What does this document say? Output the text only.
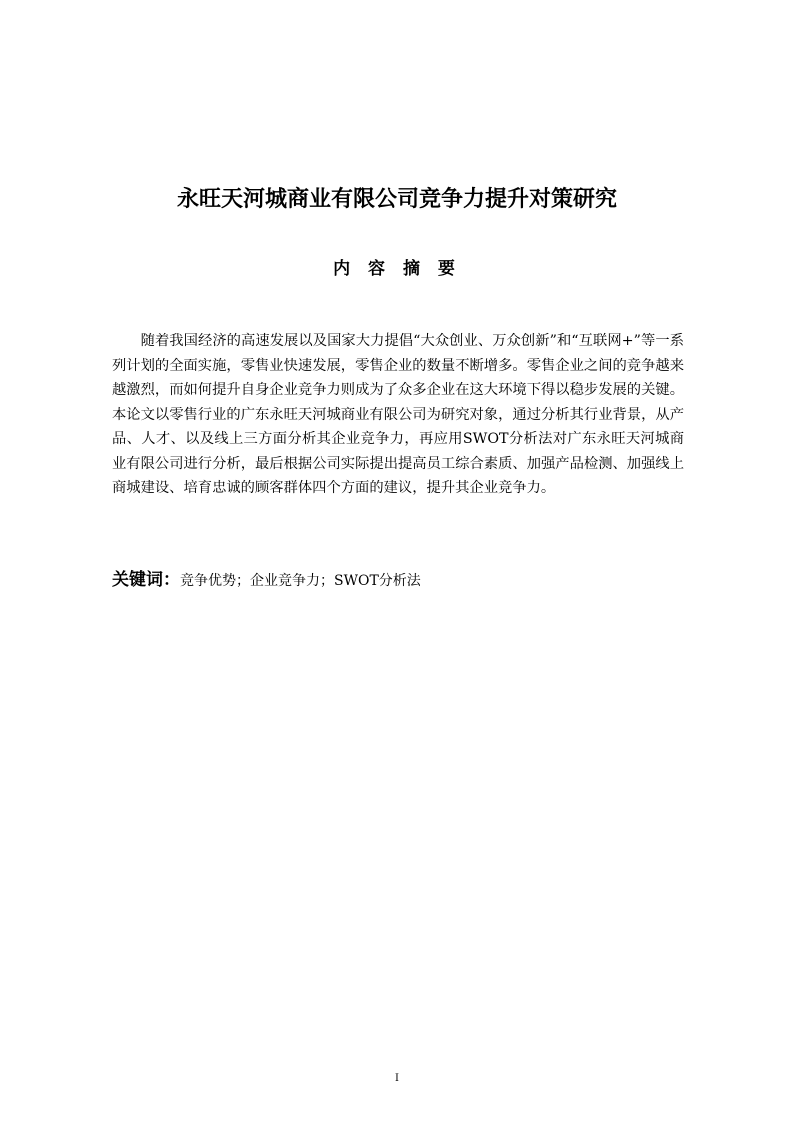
永旺天河城商业有限公司竞争力提升对策研究
内 容 摘 要

随着我国经济的高速发展以及国家大力提倡“大众创业、万众创新”和“互联网+”等一系列计划的全面实施，零售业快速发展，零售企业的数量不断增多。零售企业之间的竞争越来越激烈，而如何提升自身企业竞争力则成为了众多企业在这大环境下得以稳步发展的关键。本论文以零售行业的广东永旺天河城商业有限公司为研究对象，通过分析其行业背景，从产品、人才、以及线上三方面分析其企业竞争力，再应用SWOT分析法对广东永旺天河城商业有限公司进行分析，最后根据公司实际提出提高员工综合素质、加强产品检测、加强线上商城建设、培育忠诚的顾客群体四个方面的建议，提升其企业竞争力。

关键词：竞争优势；企业竞争力；SWOT分析法
I
